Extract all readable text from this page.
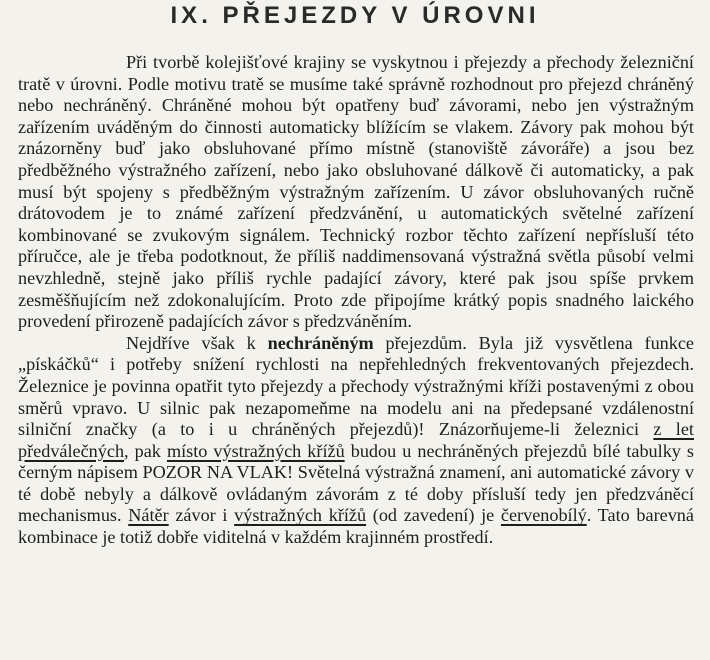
IX. PŘEJEZDY V ÚROVNI

Při tvorbě kolejišťové krajiny se vyskytnou i přejezdy a přechody železniční tratě v úrovni. Podle motivu tratě se musíme také správně rozhodnout pro přejezd chráněný nebo nechráněný. Chráněné mohou být opatřeny buď závorami, nebo jen výstražným zařízením uváděným do činnosti automaticky blížícím se vlakem. Závory pak mohou být znázorněny buď jako obsluhované přímo místně (stanoviště závoráře) a jsou bez předběžného výstražného zařízení, nebo jako obsluhované dálkově či automaticky, a pak musí být spojeny s předběžným výstražným zařízením. U závor obsluhovaných ručně drátovodem je to známé zařízení předzvánění, u automatických světelné zařízení kombinované se zvukovým signálem. Technický rozbor těchto zařízení nepřísluší této příručce, ale je třeba podotknout, že příliš naddimensovaná výstražná světla působí velmi nevzhledně, stejně jako příliš rychle padající závory, které pak jsou spíše prvkem zesměšňujícím než zdokonalujícím. Proto zde připojíme krátký popis snadného laického provedení přirozeně padajících závor s předzváněním.

Nejdříve však k nechráněným přejezdům. Byla již vysvětlena funkce „pískáčků“ i potřeby snížení rychlosti na nepřehledných frekventovaných přejezdech. Železnice je povinna opatřit tyto přejezdy a přechody výstražnými kříži postavenými z obou směrů vpravo. U silnic pak nezapomeňme na modelu ani na předepsané vzdálenostní silniční značky (a to i u chráněných přejezdů)! Znázorňujeme-li železnici z let předválečných, pak místo výstražných křížů budou u nechráněných přejezdů bílé tabulky s černým nápisem POZOR NA VLAK! Světelná výstražná znamení, ani automatické závory v té době nebyly a dálkově ovládaným závorám z té doby přísluší tedy jen předzváněcí mechanismus. Nátěr závor i výstražných křížů (od zavedení) je červenobílý. Tato barevná kombinace je totiž dobře viditelná v každém krajinném prostředí.
